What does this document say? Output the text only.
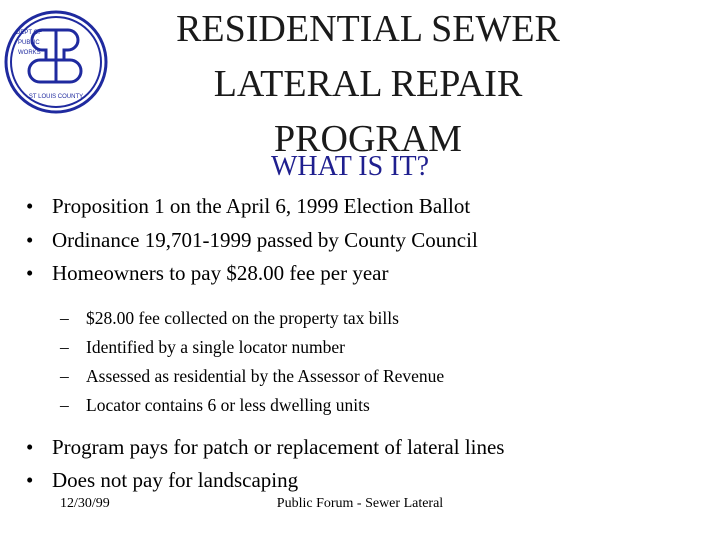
DEPT OF
PUBLIC
WORKS
ST LOUIS COUNTY
RESIDENTIAL SEWER
LATERAL REPAIR
PROGRAM
WHAT IS IT?
• Proposition 1 on the April 6, 1999 Election Ballot
• Ordinance 19,701-1999 passed by County Council
• Homeowners to pay $28.00 fee per year
– $28.00 fee collected on the property tax bills
– Identified by a single locator number
– Assessed as residential by the Assessor of Revenue
– Locator contains 6 or less dwelling units
• Program pays for patch or replacement of lateral lines
• Does not pay for landscaping
12/30/99	Public Forum - Sewer Lateral
